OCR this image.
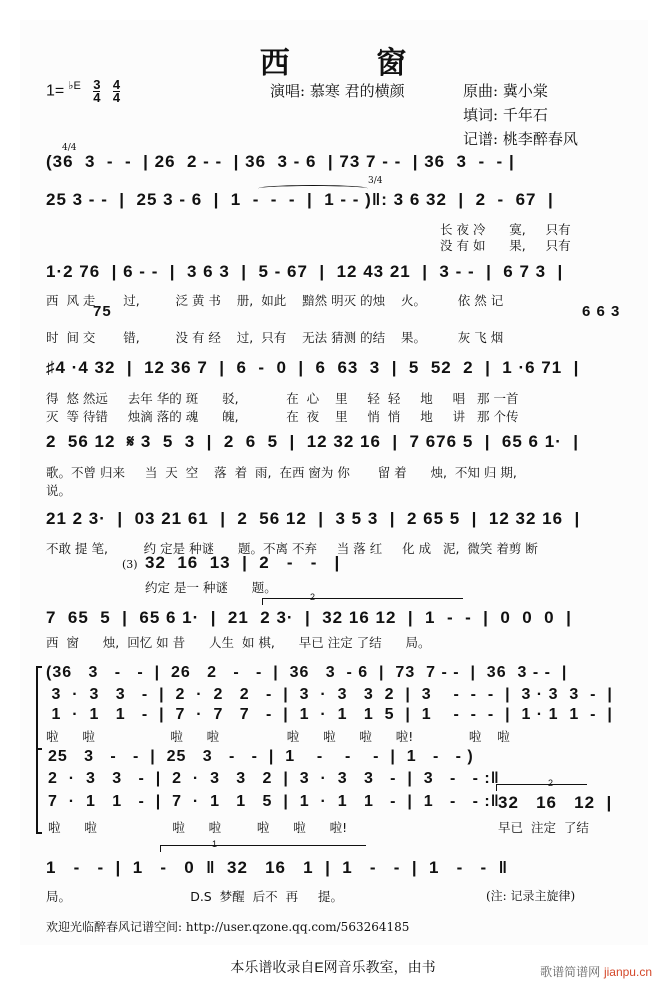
西 窗
$1= ^{♭E} \frac{3}{4}$
$\frac{4}{4}$	演唱: 慕寒 君的横颜	原曲: 冀小棠
填词: 千年石
记谱: 桃李醉春风
4/4
(36  3  -  -  | 26  2 - -  | 36  3 - 6  | 73 7 - -  | 36  3  -  - |
3/4
25 3 - -  |  25 3 - 6  |  1  -  -  -  |  1 - - )‖: 3 6 32  |  2  -  67  |
长 夜 冷      寞,     只有
没 有 如      果,     只有
1·2 76  | 6 - -  |  3 6 3  |  5 - 67  |  12 43 21  |  3 - -  |  6 7 3  |
西  风 走       过,         泛 黄 书    册,  如此    黯然 明灭 的烛    火。        依 然 记
75	6 6 3
时  间 交       错,         没 有 经    过,  只有    无法 猜测 的结    果。        灰 飞 烟
♯4 ·4 32  |  12 36 7  |  6  -  0  |  6  63  3  |  5  52  2  |  1 ·6 71  |
得  悠 然远     去年 华的 斑      驳,            在  心    里     轻  轻     地     唱   那 一首
灭  等 待错     烛滴 落的 魂      魄,            在  夜    里     悄  悄     地     讲   那 个传
2  56 12  𝄋 3  5  3  |  2  6  5  |  12 32 16  |  7 676 5  |  65 6 1·  |
歌。不曾 归来     当  天  空    落  着  雨,  在西 窗为 你       留 着      烛,  不知 归 期,
说。
21 2 3·  |  03 21 61  |  2  56 12  |  3 5 3  |  2 65 5  |  12 32 16  |
不敢 提 笔,         约 定是 种谜      题。不离 不弃     当 落 红     化 成   泥,  微笑 着剪 断
(3) 32  16  13  |  2   -   -   |
约定 是一 种谜      题。
2
7  65  5  |  65 6 1·  |  21  2 3·  |  32 16 12  |  1  -  -  |  0  0  0  |
西  窗      烛,  回忆 如 昔      人生  如 棋,      早已 注定 了结      局。
(36   3   -   -  |  26   2   -   -  |  36   3  - 6  |  73  7 - -  |  36  3 - -  |
3  ·  3   3   -  |  2  ·  2   2   -  |  3  ·  3   3  2  |  3    -  -  -  |  3 · 3  3  -  |
1  ·  1   1   -  |  7  ·  7   7   -  |  1  ·  1   1  5  |  1    -  -  -  |  1 · 1  1  -  |
啦      啦                   啦      啦                 啦      啦      啦      啦!              啦    啦
25   3   -   -  |  25   3   -   -  |  1    -    -    -  |  1   -   - )
2  ·  3   3   -  |  2  ·  3   3   2  |  3  ·  3   3   -  |  3   -   - :‖
7  ·  1   1   -  |  7  ·  1   1   5  |  1  ·  1   1   -  |  1   -   - :‖
啦      啦                   啦      啦         啦      啦      啦!
2
32   16   12  |
早已  注定  了结
1
1   -   -  |  1   -   0  ‖  32   16   1  |  1   -   -  |  1   -   -  ‖
局。                              D.S  梦醒  后不  再     提。	(注: 记录主旋律)
欢迎光临醉春风记谱空间: http://user.qzone.qq.com/563264185
本乐谱收录自E网音乐教室，由书	歌谱简谱网 jianpu.cn
